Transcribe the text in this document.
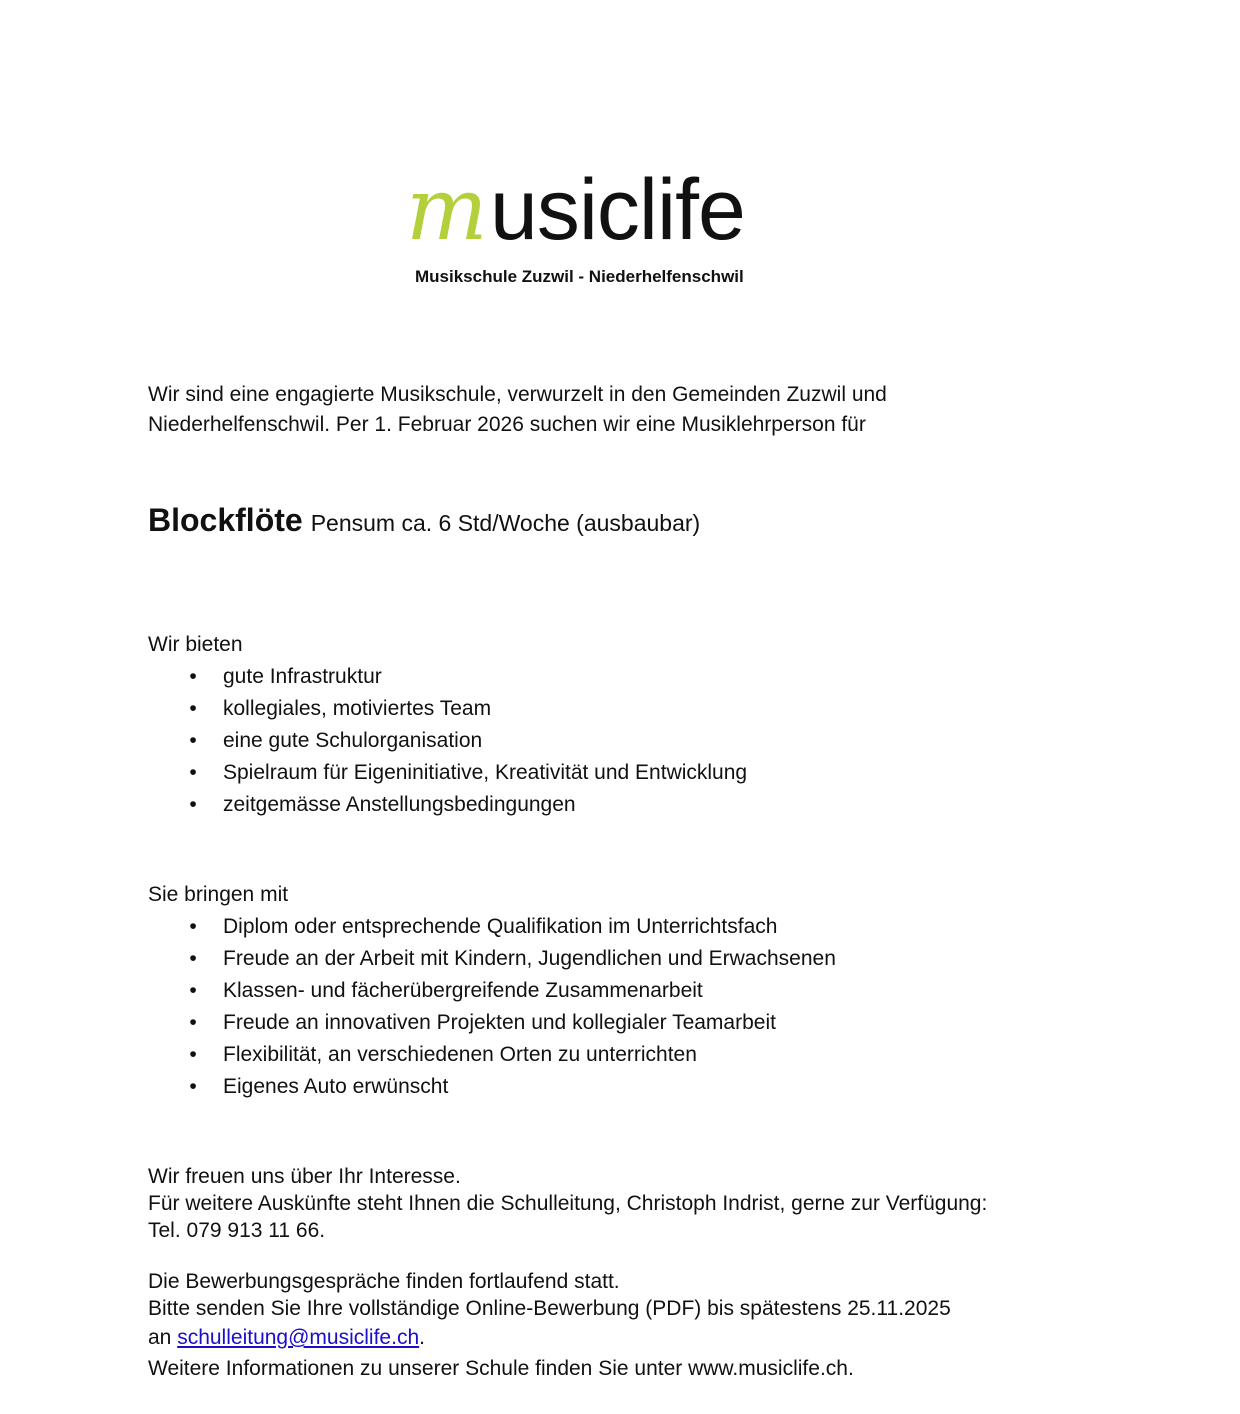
m usiclife
Musikschule Zuzwil - Niederhelfenschwil

Wir sind eine engagierte Musikschule, verwurzelt in den Gemeinden Zuzwil und

Niederhelfenschwil. Per 1. Februar 2026 suchen wir eine Musiklehrperson für

Blockflöte Pensum ca. 6 Std/Woche (ausbaubar)

Wir bieten

•	gute Infrastruktur
•	kollegiales, motiviertes Team
•	eine gute Schulorganisation
•	Spielraum für Eigeninitiative, Kreativität und Entwicklung
•	zeitgemässe Anstellungsbedingungen

Sie bringen mit

•	Diplom oder entsprechende Qualifikation im Unterrichtsfach
•	Freude an der Arbeit mit Kindern, Jugendlichen und Erwachsenen
•	Klassen- und fächerübergreifende Zusammenarbeit
•	Freude an innovativen Projekten und kollegialer Teamarbeit
•	Flexibilität, an verschiedenen Orten zu unterrichten
•	Eigenes Auto erwünscht

Wir freuen uns über Ihr Interesse.

Für weitere Auskünfte steht Ihnen die Schulleitung, Christoph Indrist, gerne zur Verfügung:

Tel. 079 913 11 66.

Die Bewerbungsgespräche finden fortlaufend statt.

Bitte senden Sie Ihre vollständige Online-Bewerbung (PDF) bis spätestens 25.11.2025

an schulleitung@musiclife.ch.

Weitere Informationen zu unserer Schule finden Sie unter www.musiclife.ch.
